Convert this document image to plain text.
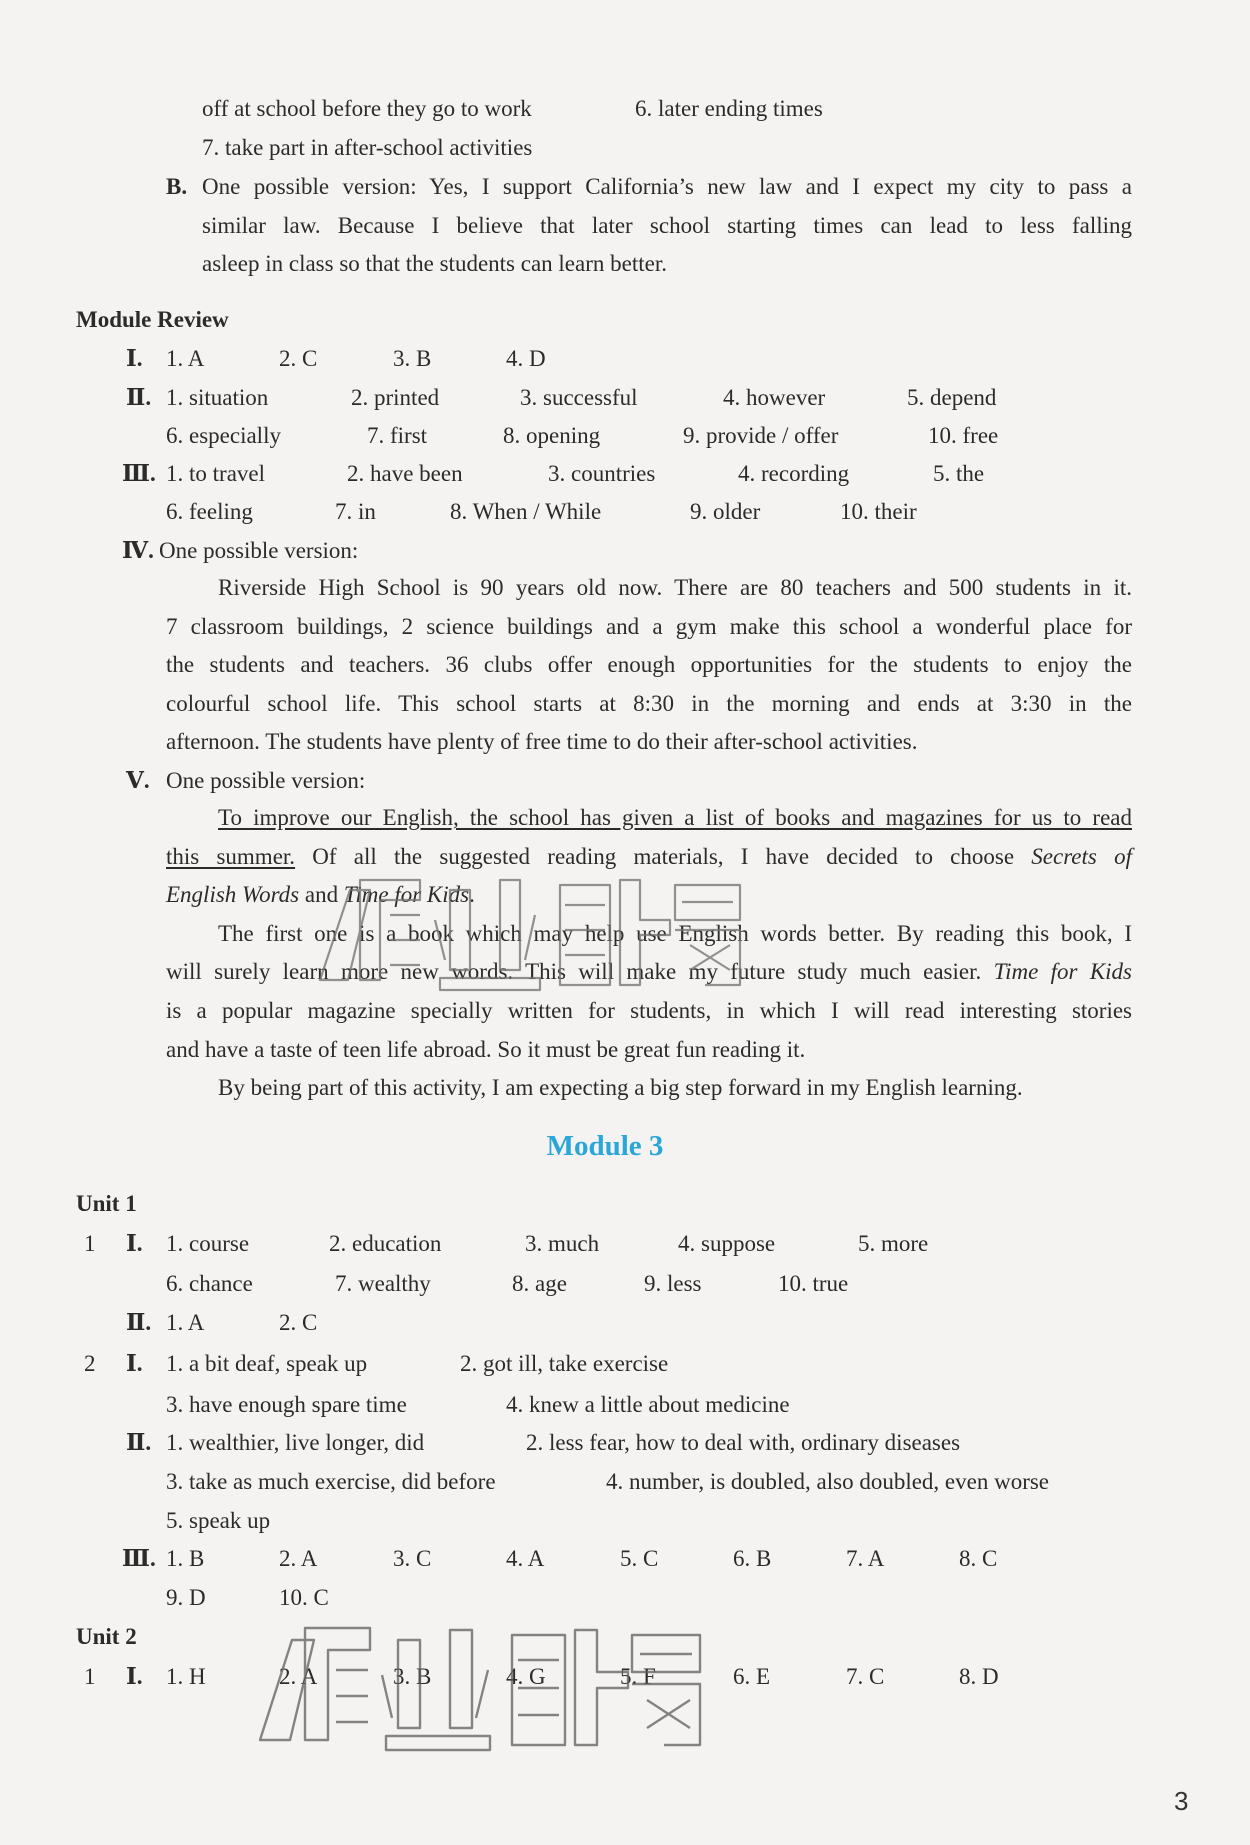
off at school before they go to work	6. later ending times
7. take part in after-school activities
B. One possible version: Yes, I support California’s new law and I expect my city to pass a
similar law. Because I believe that later school starting times can lead to less falling
asleep in class so that the students can learn better.
Module Review
Ⅰ. 1. A	2. C	3. B	4. D
Ⅱ. 1. situation	2. printed	3. successful	4. however	5. depend
6. especially	7. first	8. opening	9. provide / offer	10. free
Ⅲ. 1. to travel	2. have been	3. countries	4. recording	5. the
6. feeling	7. in	8. When / While	9. older	10. their
Ⅳ. One possible version:
Riverside High School is 90 years old now. There are 80 teachers and 500 students in it.
7 classroom buildings, 2 science buildings and a gym make this school a wonderful place for
the students and teachers. 36 clubs offer enough opportunities for the students to enjoy the
colourful school life. This school starts at 8:30 in the morning and ends at 3:30 in the
afternoon. The students have plenty of free time to do their after-school activities.
Ⅴ. One possible version:
To improve our English, the school has given a list of books and magazines for us to read
this summer. Of all the suggested reading materials, I have decided to choose Secrets of
English Words and Time for Kids.
The first one is a book which may help use English words better. By reading this book, I
will surely learn more new words. This will make my future study much easier. Time for Kids
is a popular magazine specially written for students, in which I will read interesting stories
and have a taste of teen life abroad. So it must be great fun reading it.
By being part of this activity, I am expecting a big step forward in my English learning.
Module 3
Unit 1
1 Ⅰ. 1. course	2. education	3. much	4. suppose	5. more
6. chance	7. wealthy	8. age	9. less	10. true
Ⅱ. 1. A	2. C
2 Ⅰ. 1. a bit deaf, speak up	2. got ill, take exercise
3. have enough spare time	4. knew a little about medicine
Ⅱ. 1. wealthier, live longer, did	2. less fear, how to deal with, ordinary diseases
3. take as much exercise, did before	4. number, is doubled, also doubled, even worse
5. speak up
Ⅲ. 1. B	2. A	3. C	4. A	5. C	6. B	7. A	8. C
9. D	10. C
Unit 2
1 Ⅰ. 1. H	2. A	3. B	4. G	5. F	6. E	7. C	8. D
3
